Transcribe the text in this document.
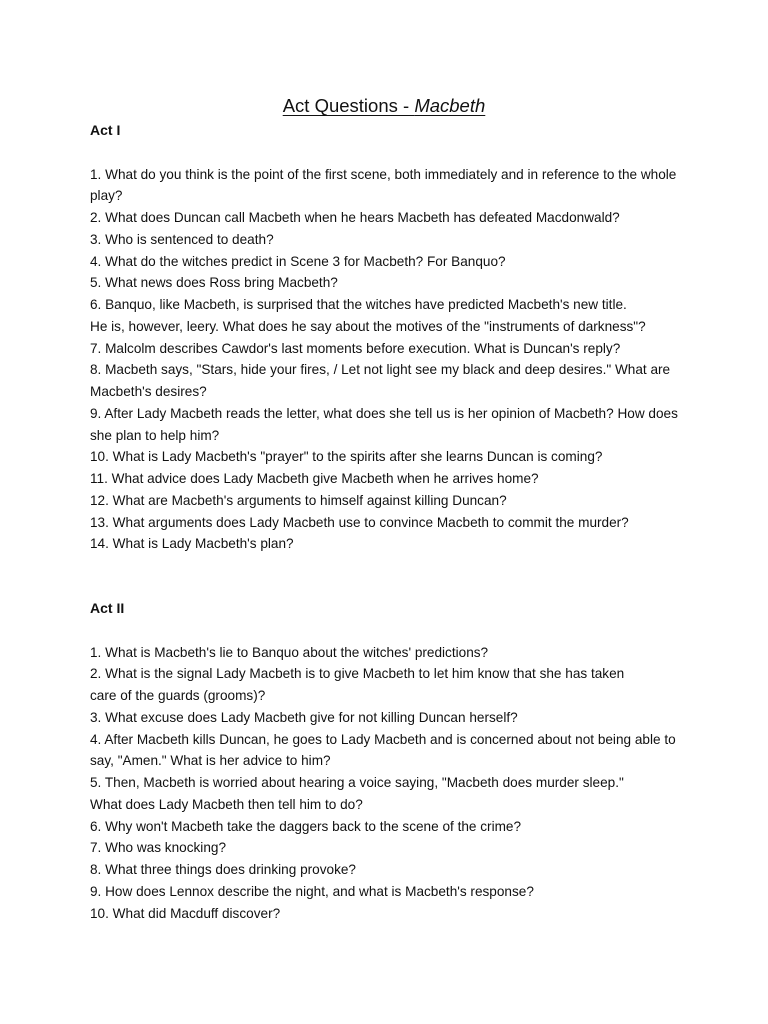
Act Questions - Macbeth

Act I

1. What do you think is the point of the first scene, both immediately and in reference to the whole play?

2. What does Duncan call Macbeth when he hears Macbeth has defeated Macdonwald?

3. Who is sentenced to death?

4. What do the witches predict in Scene 3 for Macbeth? For Banquo?

5. What news does Ross bring Macbeth?

6. Banquo, like Macbeth, is surprised that the witches have predicted Macbeth's new title.

He is, however, leery. What does he say about the motives of the "instruments of darkness"?

7. Malcolm describes Cawdor's last moments before execution. What is Duncan's reply?

8. Macbeth says, "Stars, hide your fires, / Let not light see my black and deep desires." What are Macbeth's desires?

9. After Lady Macbeth reads the letter, what does she tell us is her opinion of Macbeth? How does she plan to help him?

10. What is Lady Macbeth's "prayer" to the spirits after she learns Duncan is coming?

11. What advice does Lady Macbeth give Macbeth when he arrives home?

12. What are Macbeth's arguments to himself against killing Duncan?

13. What arguments does Lady Macbeth use to convince Macbeth to commit the murder?

14. What is Lady Macbeth's plan?

Act II

1. What is Macbeth's lie to Banquo about the witches' predictions?

2. What is the signal Lady Macbeth is to give Macbeth to let him know that she has taken

care of the guards (grooms)?

3. What excuse does Lady Macbeth give for not killing Duncan herself?

4. After Macbeth kills Duncan, he goes to Lady Macbeth and is concerned about not being able to say, "Amen." What is her advice to him?

5. Then, Macbeth is worried about hearing a voice saying, "Macbeth does murder sleep."

What does Lady Macbeth then tell him to do?

6. Why won't Macbeth take the daggers back to the scene of the crime?

7. Who was knocking?

8. What three things does drinking provoke?

9. How does Lennox describe the night, and what is Macbeth's response?

10. What did Macduff discover?
